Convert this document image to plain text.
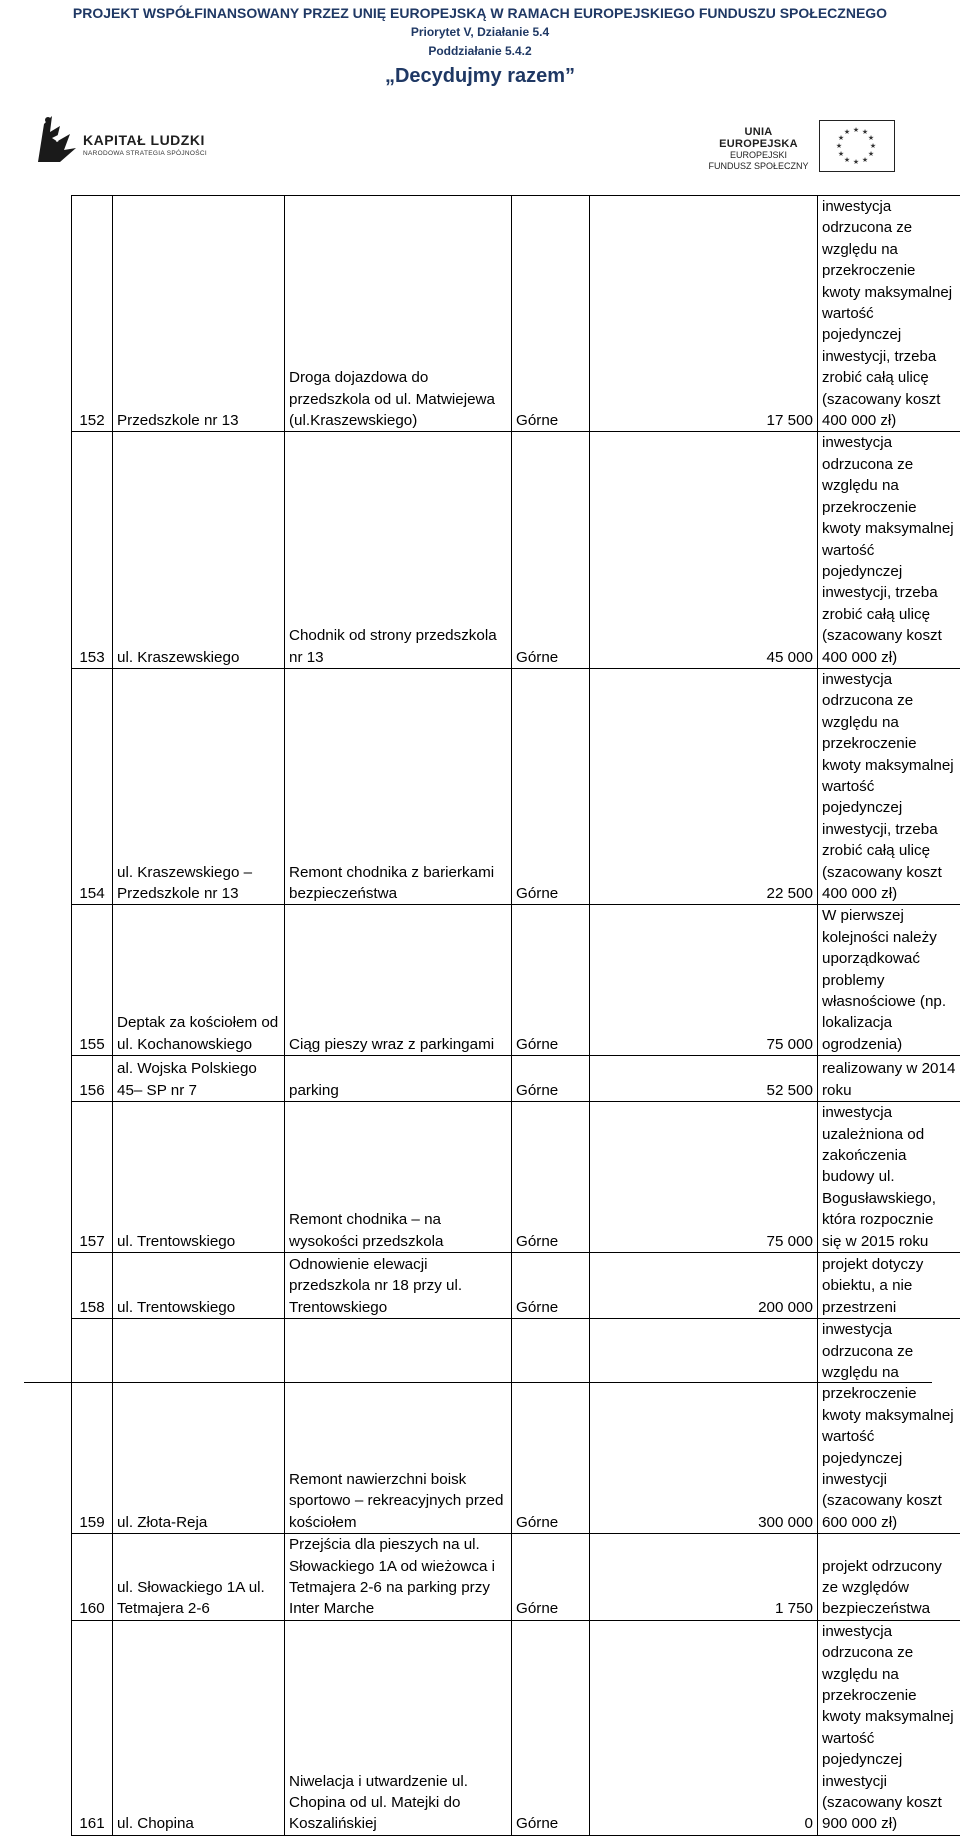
PROJEKT WSPÓŁFINANSOWANY PRZEZ UNIĘ EUROPEJSKĄ W RAMACH EUROPEJSKIEGO FUNDUSZU SPOŁECZNEGO
Priorytet V, Działanie 5.4
Poddziałanie 5.4.2
„Decydujmy razem”
KAPITAŁ LUDZKI
NARODOWA STRATEGIA SPÓJNOŚCI
UNIA EUROPEJSKA
EUROPEJSKI
FUNDUSZ SPOŁECZNY
★ ★
★
★
★
★
★
★
★
★
★
★
152	Przedszkole nr 13	Droga dojazdowa do przedszkola od ul. Matwiejewa (ul.Kraszewskiego)	Górne	17 500	inwestycja odrzucona ze względu na przekroczenie kwoty maksymalnej wartość pojedynczej inwestycji, trzeba zrobić całą ulicę (szacowany koszt 400 000 zł)
153	ul. Kraszewskiego	Chodnik od strony przedszkola nr 13	Górne	45 000	inwestycja odrzucona ze względu na przekroczenie kwoty maksymalnej wartość pojedynczej inwestycji, trzeba zrobić całą ulicę (szacowany koszt 400 000 zł)
154	ul. Kraszewskiego – Przedszkole nr 13	Remont chodnika z barierkami bezpieczeństwa	Górne	22 500	inwestycja odrzucona ze względu na przekroczenie kwoty maksymalnej wartość pojedynczej inwestycji, trzeba zrobić całą ulicę (szacowany koszt 400 000 zł)
155	Deptak za kościołem od ul. Kochanowskiego	Ciąg pieszy wraz z parkingami	Górne	75 000	W pierwszej kolejności należy uporządkować problemy własnościowe (np. lokalizacja ogrodzenia)
156	al. Wojska Polskiego 45– SP nr 7	parking	Górne	52 500	realizowany w 2014 roku
157	ul. Trentowskiego	Remont chodnika – na wysokości przedszkola	Górne	75 000	inwestycja uzależniona od zakończenia budowy ul. Bogusławskiego, która rozpocznie się w 2015 roku
158	ul. Trentowskiego	Odnowienie elewacji przedszkola nr 18 przy ul. Trentowskiego	Górne	200 000	projekt dotyczy obiektu, a nie przestrzeni
159	ul. Złota-Reja	Remont nawierzchni boisk sportowo – rekreacyjnych przed kościołem	Górne	300 000	inwestycja odrzucona ze względu na przekroczenie kwoty maksymalnej wartość pojedynczej inwestycji (szacowany koszt 600 000 zł)
160	ul. Słowackiego 1A ul. Tetmajera 2-6	Przejścia dla pieszych na ul. Słowackiego 1A od wieżowca i Tetmajera 2-6 na parking przy Inter Marche	Górne	1 750	projekt odrzucony ze względów bezpieczeństwa
161	ul. Chopina	Niwelacja i utwardzenie ul. Chopina od ul. Matejki do Koszalińskiej	Górne	0	inwestycja odrzucona ze względu na przekroczenie kwoty maksymalnej wartość pojedynczej inwestycji (szacowany koszt 900 000 zł)
